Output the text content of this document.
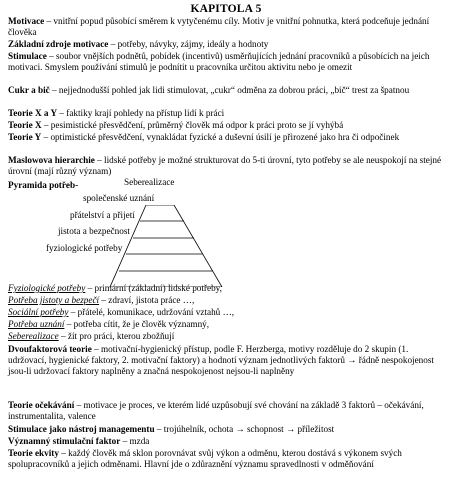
KAPITOLA 5
Motivace – vnitřní popud působící směrem k vytyčenému cíly. Motiv je vnitřní pohnutka, která podceňuje jednání člověka
Základní zdroje motivace – potřeby, návyky, zájmy, ideály a hodnoty
Stimulace – soubor vnějších podnětů, pobídek (incentivů) usměrňujících jednání pracovníků a působících na jeich motivaci. Smyslem používání stimulů je podnítit u pracovníka určitou aktivitu nebo je omezit
Cukr a bič – nejjednodušší pohled jak lidi stimulovat, „cukr“ odměna za dobrou práci, „bič“ trest za špatnou
Teorie X a Y – faktiky krají pohledy na přístup lidí k práci
Teorie X – pesimistické přesvědčení, průměrný člověk má odpor k práci proto se jí vyhýbá
Teorie Y – optimistické přesvědčení, vynakládat fyzické a duševní úsilí je přirozené jako hra či odpočinek
Maslowova hierarchie – lidské potřeby je možné strukturovat do 5-ti úrovní, tyto potřeby se ale neuspokojí na stejné úrovní (mají různý význam)
Pyramida potřeb-	Seberealizace
společenské uznání
přátelství a přijetí
jistota a bezpečnost
fyziologické potřeby
Fyziologické potřeby – primární (základní) lidské potřeby,
Potřeba jistoty a bezpečí – zdraví, jistota práce …,
Sociální potřeby – přátelé, komunikace, udržování vztahů …,
Potřeba uznání – potřeba cítit, že je člověk významný,
Seberealizace – žít pro práci, kterou zbožňují
Dvoufaktorová teorie – motivační-hygienický přístup, podle F. Herzberga, motivy rozděluje do 2 skupin (1. udržovací, hygienické faktory, 2. motivační faktory) a hodnotí význam jednotlivých faktorů → řádně nespokojenost jsou-li udržovací faktory naplněny a značná nespokojenost nejsou-li naplněny
Teorie očekávání – motivace je proces, ve kterém lidé uzpůsobují své chování na základě 3 faktorů – očekávání, instrumentalita, valence
Stimulace jako nástroj managementu – trojúhelník, ochota → schopnost → příležitost
Významný stimulační faktor – mzda
Teorie ekvity – každý člověk má sklon porovnávat svůj výkon a odměnu, kterou dostává s výkonem svých spolupracovníků a jejich odměnami. Hlavní jde o zdůraznění významu spravedlnosti v odměňování
